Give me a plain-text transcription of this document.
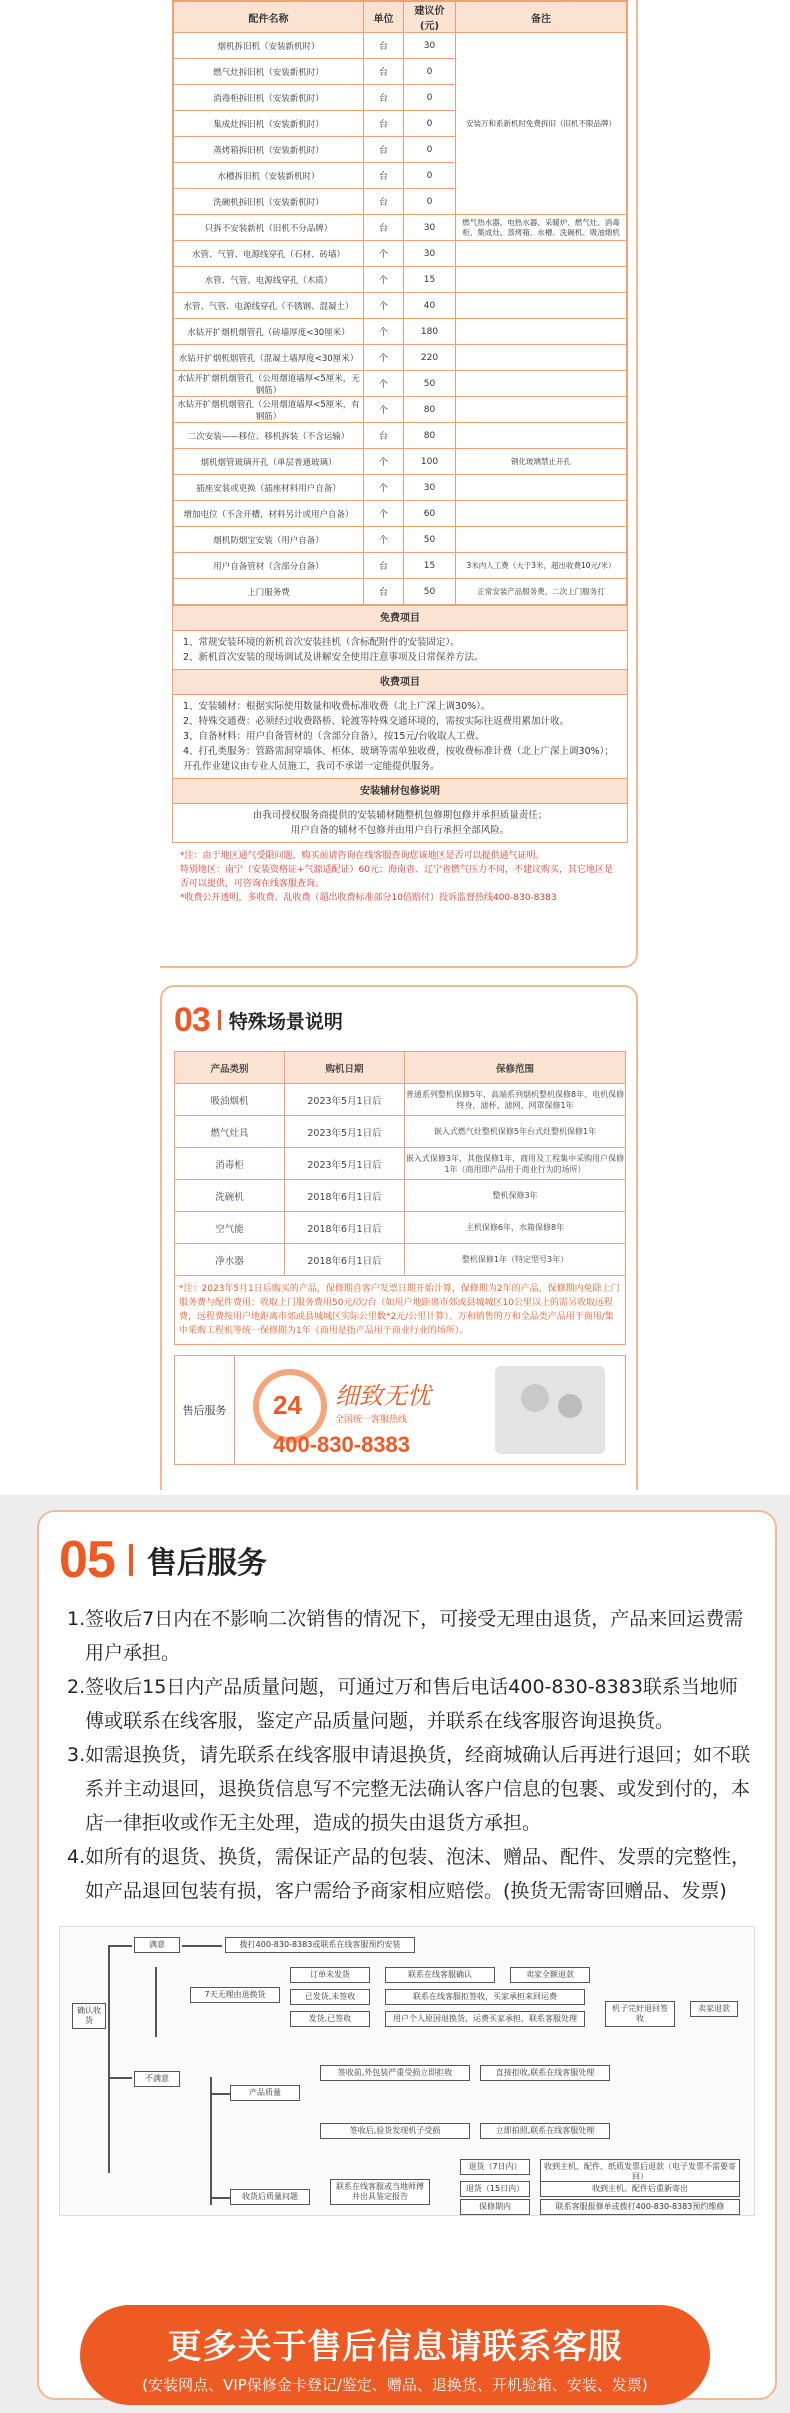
配件名称	单位	建议价(元)	备注
烟机拆旧机（安装新机时）	台	30	安装万和系新机时免费拆旧（旧机不限品牌）
燃气灶拆旧机（安装新机时）	台	0	
消毒柜拆旧机（安装新机时）	台	0	
集成灶拆旧机（安装新机时）	台	0	
蒸烤箱拆旧机（安装新机时）	台	0	
水槽拆旧机（安装新机时）	台	0	
洗碗机拆旧机（安装新机时）	台	0	
只拆不安装新机（旧机不分品牌）	台	30	燃气热水器、电热水器、采暖炉、燃气灶、消毒柜、集成灶、蒸烤箱、水槽、洗碗机、吸油烟机
水管、气管、电源线穿孔（石材、砖墙）	个	30	
水管、气管、电源线穿孔（木质）	个	15	
水管、气管、电源线穿孔（不锈钢、混凝土）	个	40	
水钻开扩烟机烟管孔（砖墙厚度<30厘米）	个	180	
水钻开扩烟机烟管孔（混凝土墙厚度<30厘米）	个	220	
水钻开扩烟机烟管孔（公用烟道墙厚<5厘米，无钢筋）	个	50	
水钻开扩烟机烟管孔（公用烟道墙厚<5厘米，有钢筋）	个	80	
二次安装——移位、移机拆装（不含运输）	台	80	
烟机烟管玻璃开孔（单层普通玻璃）	个	100	钢化玻璃禁止开孔
插座安装或更换（插座材料用户自备）	个	30	
增加电位（不含开槽，材料另计或用户自备）	个	60	
烟机防烟宝安装（用户自备）	个	50	
用户自备管材（含部分自备）	台	15	3米内人工费（大于3米，超出收费10元/米）
上门服务费	台	50	正常安装产品服务费，二次上门服务打
免费项目
1、常规安装环境的新机首次安装挂机（含标配附件的安装固定）。
2、新机首次安装的现场调试及讲解安全使用注意事项及日常保养方法。
收费项目
1、安装辅材：根据实际使用数量和收费标准收费（北上广深上调30%）。
2、特殊交通费：必须经过收费路桥、轮渡等特殊交通环境的，需按实际往返费用累加计收。
3、自备材料：用户自备管材的（含部分自备），按15元/台收取人工费。
4、打孔类服务：管路需洞穿墙体、柜体、玻璃等需单独收费，按收费标准计费（北上广深上调30%）；开孔作业建议由专业人员施工，我司不承诺一定能提供服务。
安装辅材包修说明
由我司授权服务商提供的安装辅材随整机包修期包修并承担质量责任；
用户自备的辅材不包修并由用户自行承担全部风险。
*注：由于地区通气受限问题，购买前请咨询在线客服查询您该地区是否可以提供通气证明。
特别地区：南宁（安装资格证+气源适配证）60元；海南省、辽宁省燃气压力不同，不建议购买，其它地区是否可以提供，可咨询在线客服查询。
*收费公开透明，多收费、乱收费（超出收费标准部分10倍赔付）投诉监督热线400-830-8383
03 特殊场景说明
产品类别	购机日期	保修范围
吸油烟机	2023年5月1日后	普通系列整机保修5年，高端系列烟机整机保修8年、电机保修终身，滤杯、滤网、网罩保修1年
燃气灶具	2023年5月1日后	嵌入式燃气灶整机保修5年台式灶整机保修1年
消毒柜	2023年5月1日后	嵌入式保修3年，其他保修1年，商用及工程集中采购用户保修1年（商用即产品用于商业行为的场所）
洗碗机	2018年6月1日后	整机保修3年
空气能	2018年6月1日后	主机保修6年，水箱保修8年
净水器	2018年6月1日后	整机保修1年（特定型号3年）
*注：2023年5月1日后购买的产品，保修期自客户发票日期开始计算，保修期为2年的产品，保修期内免除上门服务费与配件费用；收取上门服务费用50元/次/台（如用户地距离市郊或县城城区10公里以上的需另收取远程费，远程费按用户地距离市郊或县城城区实际公里数*2元/公里计算）。万和销售的万和全品类产品用于商用/集中采购工程机等统一保修期为1年（商用是指产品用于商业行业的场所）。
售后服务	24 细致无忧
全国统一客服热线
400-830-8383
05 售后服务
1.签收后7日内在不影响二次销售的情况下，可接受无理由退货，产品来回运费需用户承担。
2.签收后15日内产品质量问题，可通过万和售后电话400-830-8383联系当地师傅或联系在线客服，鉴定产品质量问题，并联系在线客服咨询退换货。
3.如需退换货，请先联系在线客服申请退换货，经商城确认后再进行退回；如不联系并主动退回，退换货信息写不完整无法确认客户信息的包裹、或发到付的，本店一律拒收或作无主处理，造成的损失由退货方承担。
4.如所有的退货、换货，需保证产品的包装、泡沫、赠品、配件、发票的完整性，如产品退回包装有损，客户需给予商家相应赔偿。(换货无需寄回赠品、发票)
确认收货
满意	拨打400-830-8383或联系在线客服预约安装
7天无理由退换货
订单未发货
已发货,未签收
发货,已签收
联系在线客服确认	卖家全额退款
联系在线客服拒签收，买家承担来回运费
用户个人原因退换货，运费买家承担，联系客服处理
机子完好退回签收
卖家退款
不满意
产品质量
签收前,外包装严重受损立即拒收	直接拒收,联系在线客服处理
签收后,验货发现机子受损	立即拍照,联系在线客服处理
收货后质量问题
联系在线客服或当地师傅并出具鉴定报告
退货（7日内）	收到主机、配件、纸质发票后退款（电子发票不需要寄回）
退货（15日内）	收到主机、配件后重新寄出
保修期内	联系客服报修单或拨打400-830-8383预约维修
更多关于售后信息请联系客服
(安装网点、VIP保修金卡登记/鉴定、赠品、退换货、开机验箱、安装、发票)
